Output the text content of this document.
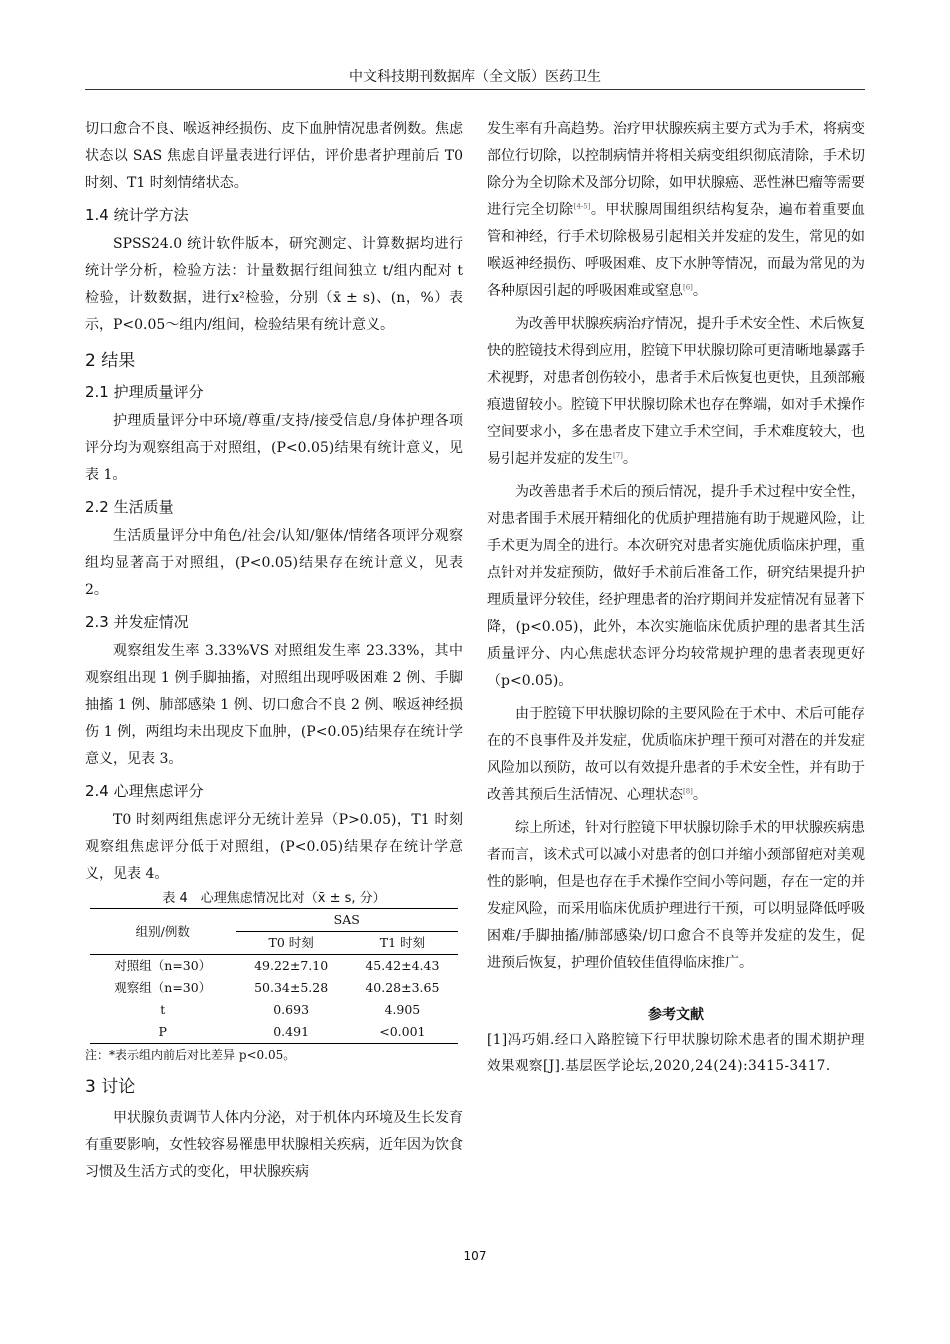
中文科技期刊数据库（全文版）医药卫生

切口愈合不良、喉返神经损伤、皮下血肿情况患者例数。焦虑状态以 SAS 焦虑自评量表进行评估，评价患者护理前后 T0 时刻、T1 时刻情绪状态。

1.4 统计学方法

SPSS24.0 统计软件版本，研究测定、计算数据均进行统计学分析，检验方法：计量数据行组间独立 t/组内配对 t 检验，计数数据，进行x²检验，分别（x̄ ± s)、(n，%）表示，P<0.05～组内/组间，检验结果有统计意义。

2 结果
2.1 护理质量评分

护理质量评分中环境/尊重/支持/接受信息/身体护理各项评分均为观察组高于对照组，(P<0.05)结果有统计意义，见表 1。

2.2 生活质量

生活质量评分中角色/社会/认知/躯体/情绪各项评分观察组均显著高于对照组，(P<0.05)结果存在统计意义，见表 2。

2.3 并发症情况

观察组发生率 3.33%VS 对照组发生率 23.33%，其中观察组出现 1 例手脚抽搐，对照组出现呼吸困难 2 例、手脚抽搐 1 例、肺部感染 1 例、切口愈合不良 2 例、喉返神经损伤 1 例，两组均未出现皮下血肿，(P<0.05)结果存在统计学意义，见表 3。

2.4 心理焦虑评分

T0 时刻两组焦虑评分无统计差异（P>0.05)，T1 时刻观察组焦虑评分低于对照组，(P<0.05)结果存在统计学意义，见表 4。

表 4　心理焦虑情况比对（x̄ ± s, 分）
组别/例数	SAS	
	T0 时刻	T1 时刻
对照组（n=30）	49.22±7.10	45.42±4.43
观察组（n=30）	50.34±5.28	40.28±3.65
t	0.693	4.905
P	0.491	<0.001
注：*表示组内前后对比差异 p<0.05。
3 讨论

甲状腺负责调节人体内分泌，对于机体内环境及生长发育有重要影响，女性较容易罹患甲状腺相关疾病，近年因为饮食习惯及生活方式的变化，甲状腺疾病

发生率有升高趋势。治疗甲状腺疾病主要方式为手术，将病变部位行切除，以控制病情并将相关病变组织彻底清除，手术切除分为全切除术及部分切除，如甲状腺癌、恶性淋巴瘤等需要进行完全切除[4-5]。甲状腺周围组织结构复杂，遍布着重要血管和神经，行手术切除极易引起相关并发症的发生，常见的如喉返神经损伤、呼吸困难、皮下水肿等情况，而最为常见的为各种原因引起的呼吸困难或窒息[6]。

为改善甲状腺疾病治疗情况，提升手术安全性、术后恢复快的腔镜技术得到应用，腔镜下甲状腺切除可更清晰地暴露手术视野，对患者创伤较小，患者手术后恢复也更快，且颈部瘢痕遗留较小。腔镜下甲状腺切除术也存在弊端，如对手术操作空间要求小，多在患者皮下建立手术空间，手术难度较大，也易引起并发症的发生[7]。

为改善患者手术后的预后情况，提升手术过程中安全性，对患者围手术展开精细化的优质护理措施有助于规避风险，让手术更为周全的进行。本次研究对患者实施优质临床护理，重点针对并发症预防，做好手术前后准备工作，研究结果提升护理质量评分较佳，经护理患者的治疗期间并发症情况有显著下降，(p<0.05)，此外，本次实施临床优质护理的患者其生活质量评分、内心焦虑状态评分均较常规护理的患者表现更好（p<0.05)。

由于腔镜下甲状腺切除的主要风险在于术中、术后可能存在的不良事件及并发症，优质临床护理干预可对潜在的并发症风险加以预防，故可以有效提升患者的手术安全性，并有助于改善其预后生活情况、心理状态[8]。

综上所述，针对行腔镜下甲状腺切除手术的甲状腺疾病患者而言，该术式可以减小对患者的创口并缩小颈部留疤对美观性的影响，但是也存在手术操作空间小等问题，存在一定的并发症风险，而采用临床优质护理进行干预，可以明显降低呼吸困难/手脚抽搐/肺部感染/切口愈合不良等并发症的发生，促进预后恢复，护理价值较佳值得临床推广。

参考文献
[1]冯巧娟.经口入路腔镜下行甲状腺切除术患者的围术期护理效果观察[J].基层医学论坛,2020,24(24):3415-3417.
107
